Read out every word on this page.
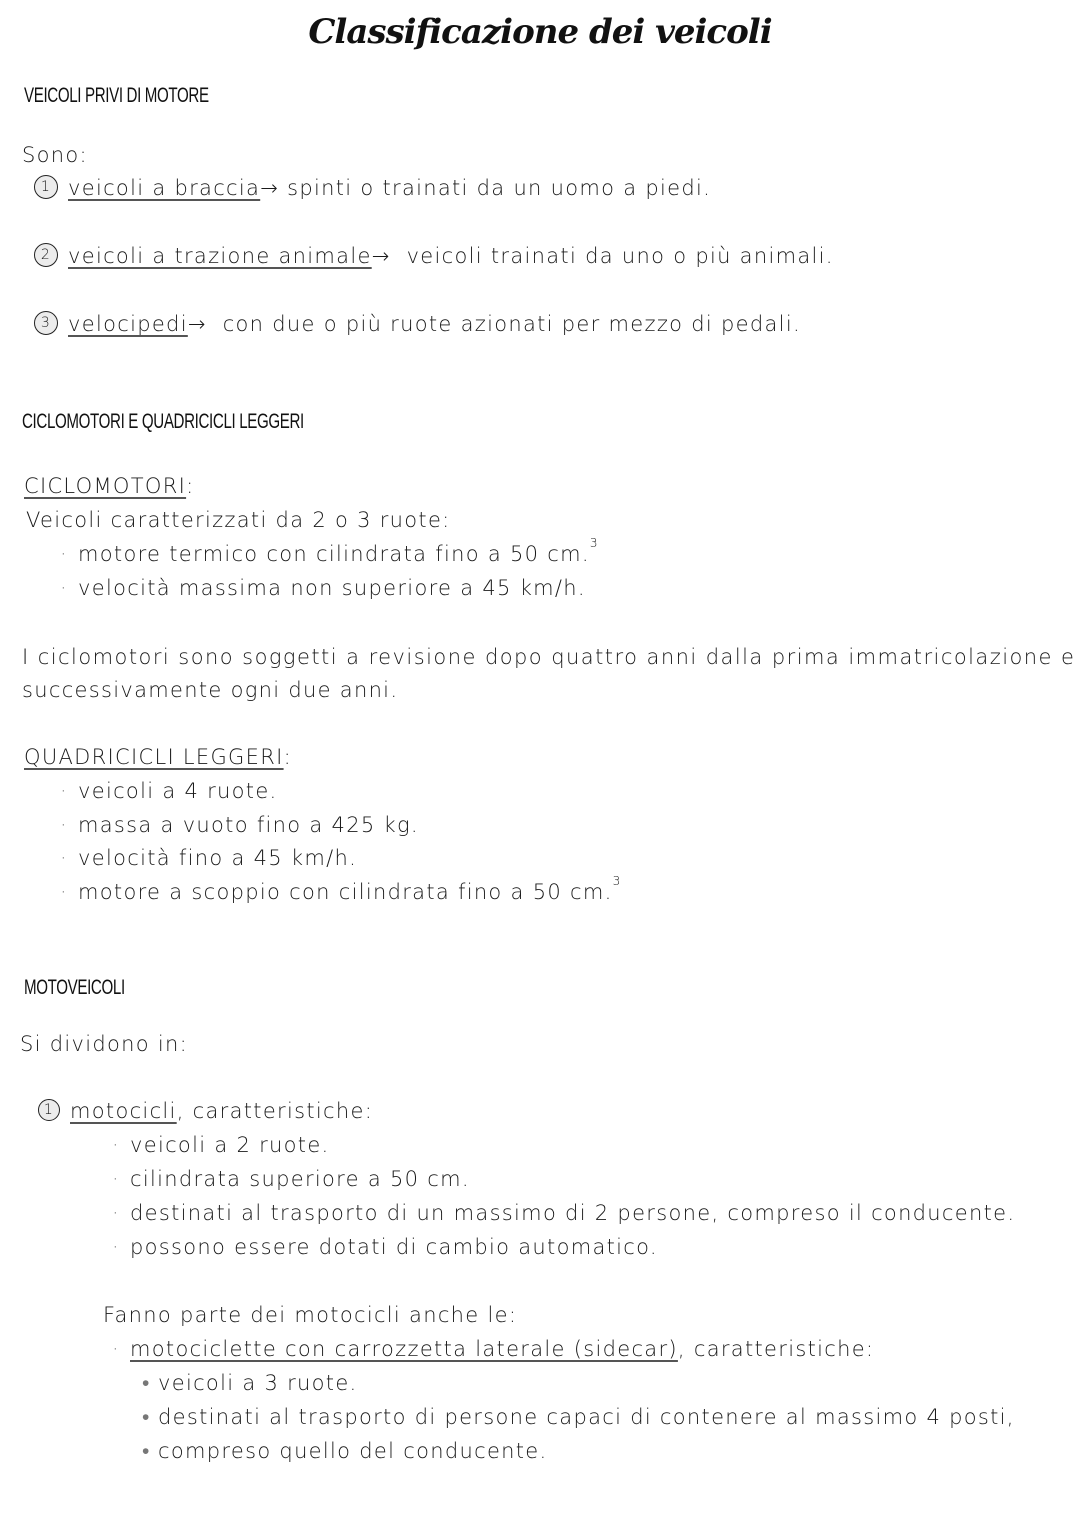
Classificazione dei veicoli
VEICOLI PRIVI DI MOTORE
Sono:
1 veicoli a braccia→ spinti o trainati da un uomo a piedi.
2 veicoli a trazione animale→ veicoli trainati da uno o più animali.
3 velocipedi→ con due o più ruote azionati per mezzo di pedali.
CICLOMOTORI E QUADRICICLI LEGGERI
CICLOMOTORI:
Veicoli caratterizzati da 2 o 3 ruote:
· motore termico con cilindrata fino a 50 cm.$^3$
· velocità massima non superiore a 45 km/h.
I ciclomotori sono soggetti a revisione dopo quattro anni dalla prima immatricolazione e
successivamente ogni due anni.
QUADRICICLI LEGGERI:
· veicoli a 4 ruote.
· massa a vuoto fino a 425 kg.
· velocità fino a 45 km/h.
· motore a scoppio con cilindrata fino a 50 cm.$^3$
MOTOVEICOLI
Si dividono in:
1 motocicli, caratteristiche:
· veicoli a 2 ruote.
· cilindrata superiore a 50 cm.
· destinati al trasporto di un massimo di 2 persone, compreso il conducente.
· possono essere dotati di cambio automatico.
Fanno parte dei motocicli anche le:
· motociclette con carrozzetta laterale (sidecar), caratteristiche:
• veicoli a 3 ruote.
• destinati al trasporto di persone capaci di contenere al massimo 4 posti,
• compreso quello del conducente.
